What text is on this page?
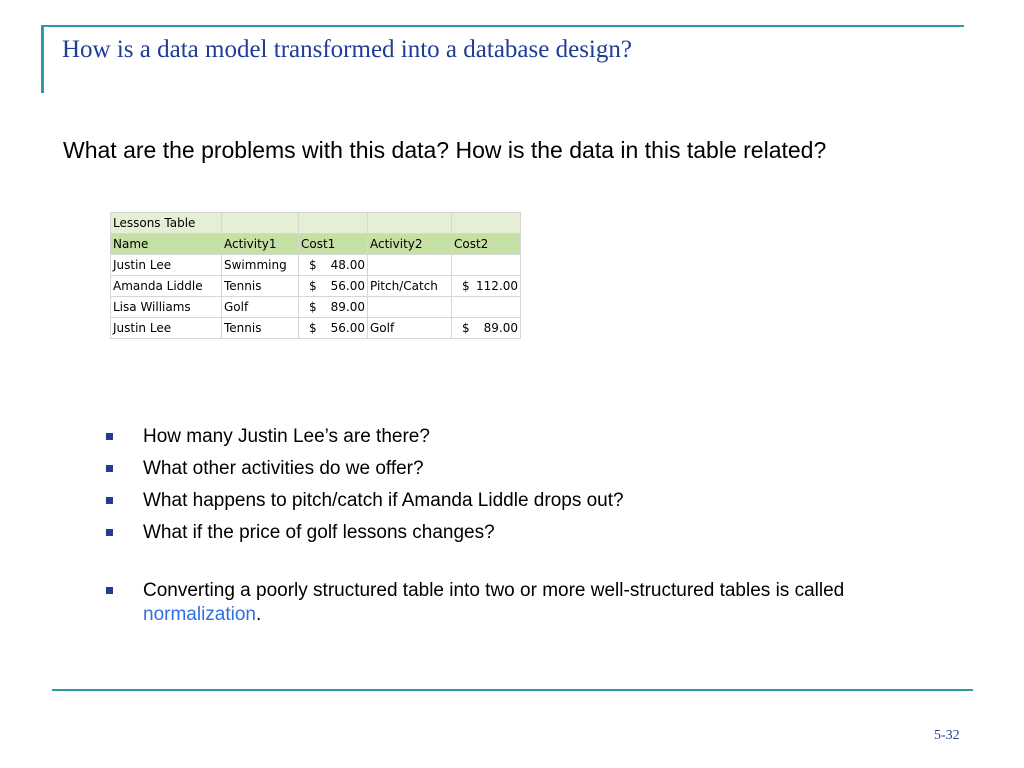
How is a data model transformed into a database design?
What are the problems with this data? How is the data in this table related?
Lessons Table				
Name	Activity1	Cost1	Activity2	Cost2
Justin Lee	Swimming	$ 48.00		

Amanda Liddle	Tennis	$ 56.00	Pitch/Catch	$ 112.00

Lisa Williams	Golf	$ 89.00		

Justin Lee	Tennis	$ 56.00	Golf	$ 89.00
How many Justin Lee’s are there?
What other activities do we offer?
What happens to pitch/catch if Amanda Liddle drops out?
What if the price of golf lessons changes?
Converting a poorly structured table into two or more well-structured tables is called normalization.
5-32
